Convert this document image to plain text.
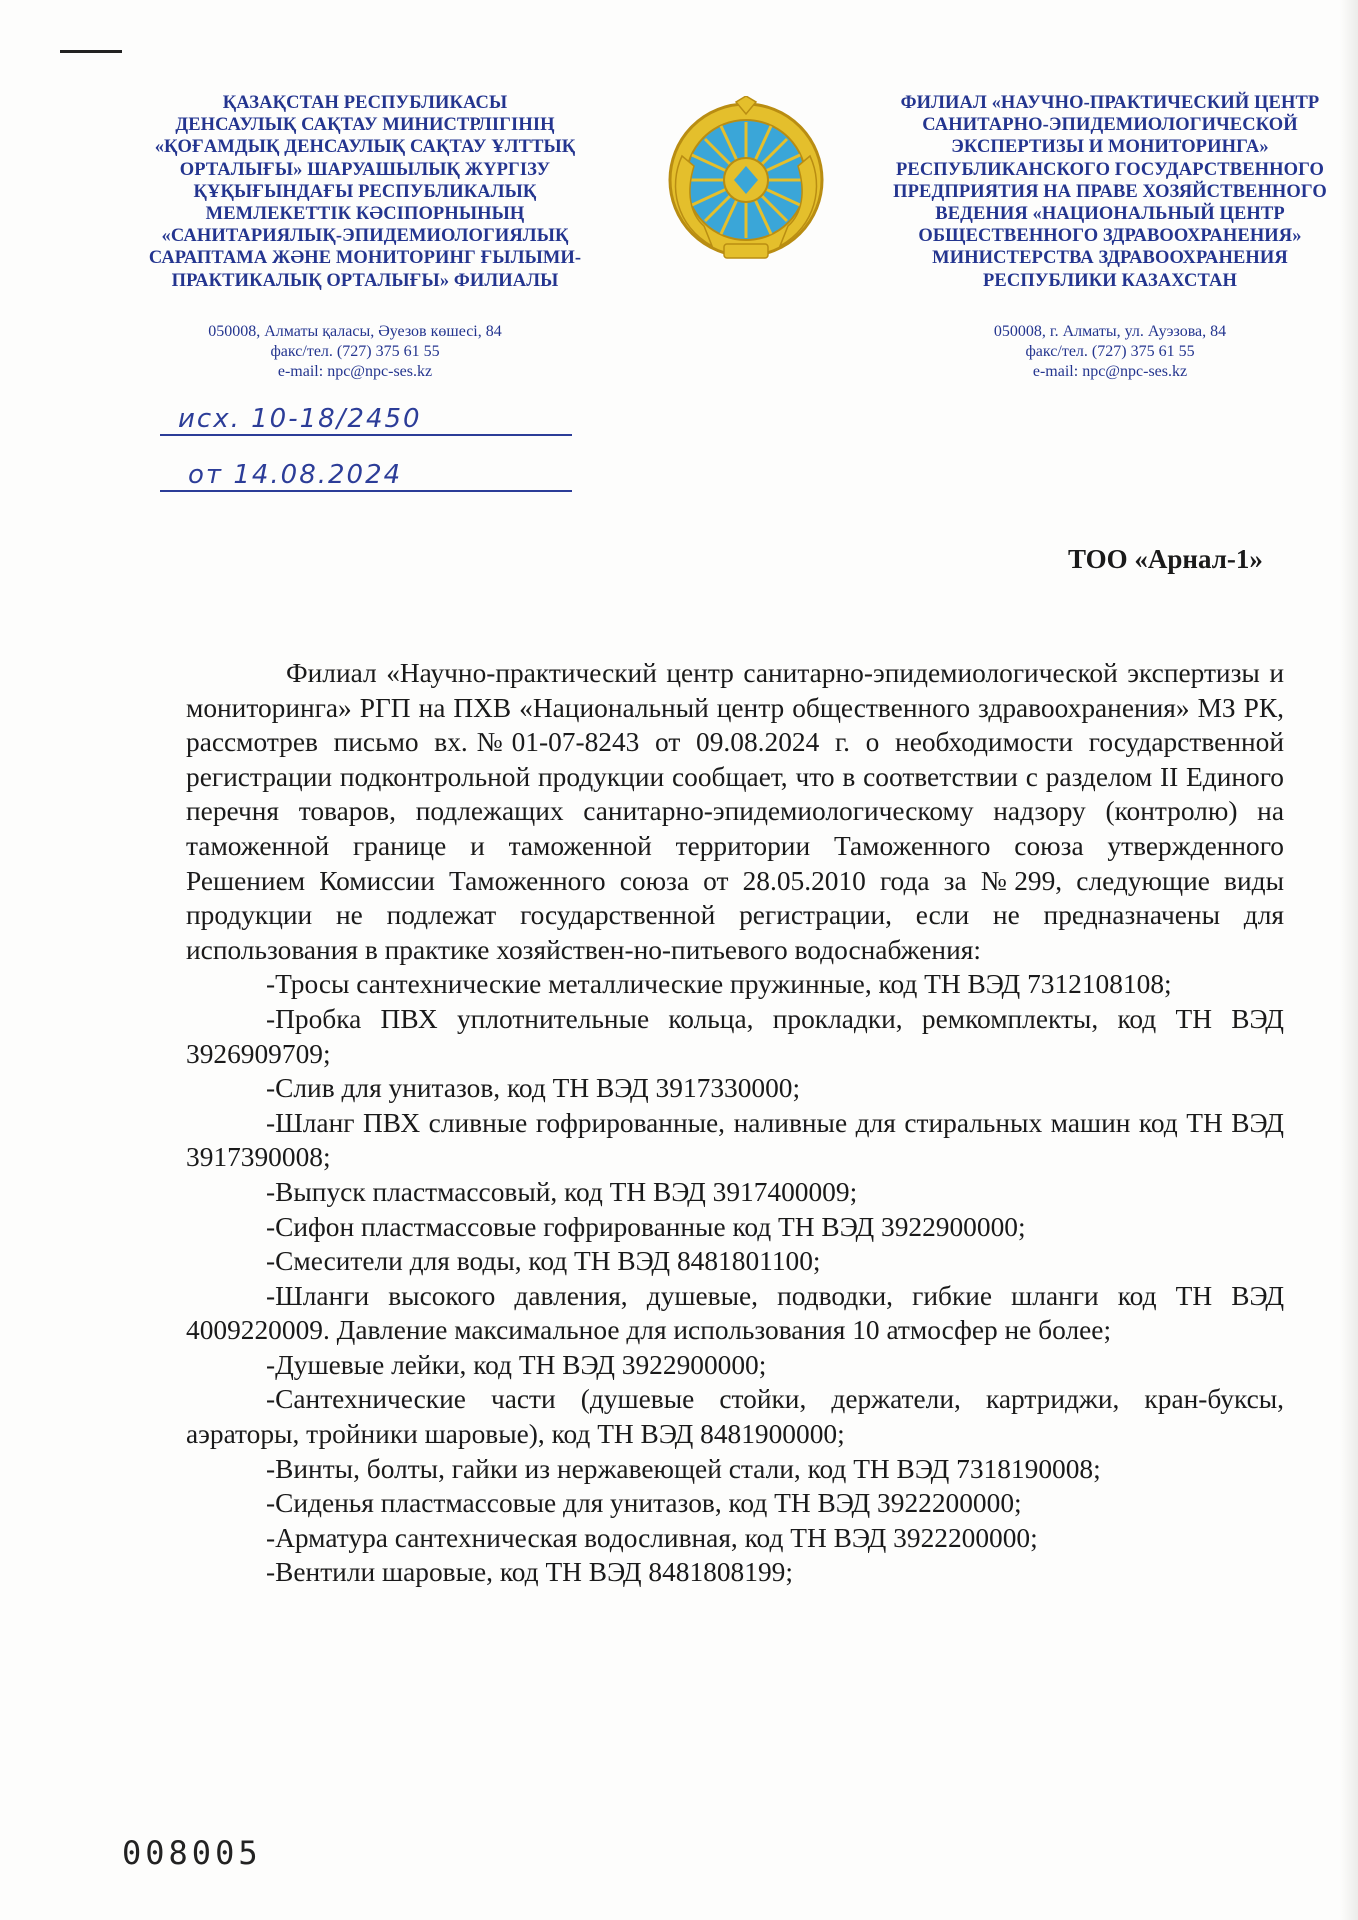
ҚАЗАҚСТАН РЕСПУБЛИКАСЫ
ДЕНСАУЛЫҚ САҚТАУ МИНИСТРЛІГІНІҢ
«ҚОҒАМДЫҚ ДЕНСАУЛЫҚ САҚТАУ ҰЛТТЫҚ
ОРТАЛЫҒЫ» ШАРУАШЫЛЫҚ ЖҮРГІЗУ
ҚҰҚЫҒЫНДАҒЫ РЕСПУБЛИКАЛЫҚ
МЕМЛЕКЕТТІК КӘСІПОРНЫНЫҢ
«САНИТАРИЯЛЫҚ-ЭПИДЕМИОЛОГИЯЛЫҚ
САРАПТАМА ЖӘНЕ МОНИТОРИНГ ҒЫЛЫМИ-
ПРАКТИКАЛЫҚ ОРТАЛЫҒЫ» ФИЛИАЛЫ
050008, Алматы қаласы, Әуезов көшесі, 84
факс/тел. (727) 375 61 55
e-mail: npc@npc-ses.kz
ФИЛИАЛ «НАУЧНО-ПРАКТИЧЕСКИЙ ЦЕНТР
САНИТАРНО-ЭПИДЕМИОЛОГИЧЕСКОЙ
ЭКСПЕРТИЗЫ И МОНИТОРИНГА»
РЕСПУБЛИКАНСКОГО ГОСУДАРСТВЕННОГО
ПРЕДПРИЯТИЯ НА ПРАВЕ ХОЗЯЙСТВЕННОГО
ВЕДЕНИЯ «НАЦИОНАЛЬНЫЙ ЦЕНТР
ОБЩЕСТВЕННОГО ЗДРАВООХРАНЕНИЯ»
МИНИСТЕРСТВА ЗДРАВООХРАНЕНИЯ
РЕСПУБЛИКИ КАЗАХСТАН
050008, г. Алматы, ул. Ауэзова, 84
факс/тел. (727) 375 61 55
e-mail: npc@npc-ses.kz
исх. 10-18/2450
от 14.08.2024
ТОО «Арнал-1»

Филиал «Научно-практический центр санитарно-эпидемиологической экспертизы и мониторинга» РГП на ПХВ «Национальный центр общественного здравоохранения» МЗ РК, рассмотрев письмо вх.№01-07-8243 от 09.08.2024 г. о необходимости государственной регистрации подконтрольной продукции сообщает, что в соответствии с разделом II Единого перечня товаров, подлежащих санитарно-эпидемиологическому надзору (контролю) на таможенной границе и таможенной территории Таможенного союза утвержденного Решением Комиссии Таможенного союза от 28.05.2010 года за №299, следующие виды продукции не подлежат государственной регистрации, если не предназначены для использования в практике хозяйствен-но-питьевого водоснабжения:

-Тросы сантехнические металлические пружинные, код ТН ВЭД 7312108108;

-Пробка ПВХ уплотнительные кольца, прокладки, ремкомплекты, код ТН ВЭД 3926909709;

-Слив для унитазов, код ТН ВЭД 3917330000;

-Шланг ПВХ сливные гофрированные, наливные для стиральных машин код ТН ВЭД 3917390008;

-Выпуск пластмассовый, код ТН ВЭД 3917400009;

-Сифон пластмассовые гофрированные код ТН ВЭД 3922900000;

-Смесители для воды, код ТН ВЭД 8481801100;

-Шланги высокого давления, душевые, подводки, гибкие шланги код ТН ВЭД 4009220009. Давление максимальное для использования 10 атмосфер не более;

-Душевые лейки, код ТН ВЭД 3922900000;

-Сантехнические части (душевые стойки, держатели, картриджи, кран-буксы, аэраторы, тройники шаровые), код ТН ВЭД 8481900000;

-Винты, болты, гайки из нержавеющей стали, код ТН ВЭД 7318190008;

-Сиденья пластмассовые для унитазов, код ТН ВЭД 3922200000;

-Арматура сантехническая водосливная, код ТН ВЭД 3922200000;

-Вентили шаровые, код ТН ВЭД 8481808199;

008005
